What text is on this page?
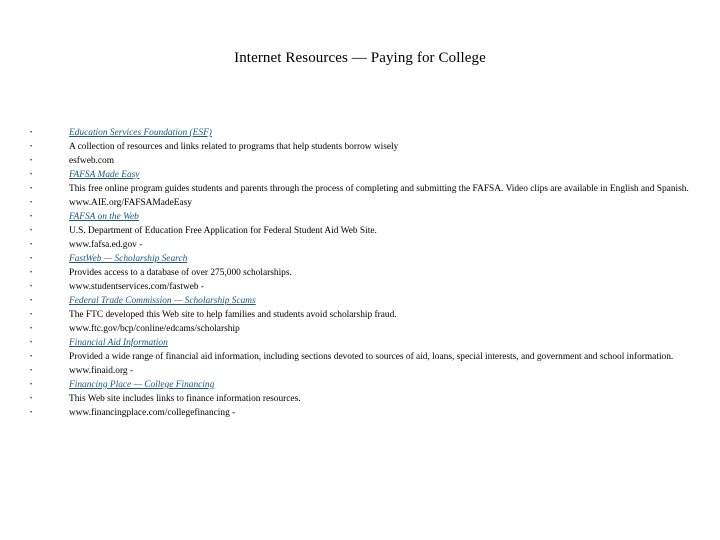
Internet Resources — Paying for College
•	Education Services Foundation (ESF)
•	A collection of resources and links related to programs that help students borrow wisely
•	esfweb.com
•	FAFSA Made Easy
•	This free online program guides students and parents through the process of completing and submitting the FAFSA. Video clips are available in English and Spanish.
•	www.AIE.org/FAFSAMadeEasy
•	FAFSA on the Web
•	U.S. Department of Education Free Application for Federal Student Aid Web Site.
•	www.fafsa.ed.gov -
•	FastWeb — Scholarship Search
•	Provides access to a database of over 275,000 scholarships.
•	www.studentservices.com/fastweb -
•	Federal Trade Commission — Scholarship Scams
•	The FTC developed this Web site to help families and students avoid scholarship fraud.
•	www.ftc.gov/bcp/conline/edcams/scholarship
•	Financial Aid Information
•	Provided a wide range of financial aid information, including sections devoted to sources of aid, loans, special interests, and government and school information.
•	www.finaid.org -
•	Financing Place — College Financing
•	This Web site includes links to finance information resources.
•	www.financingplace.com/collegefinancing -
